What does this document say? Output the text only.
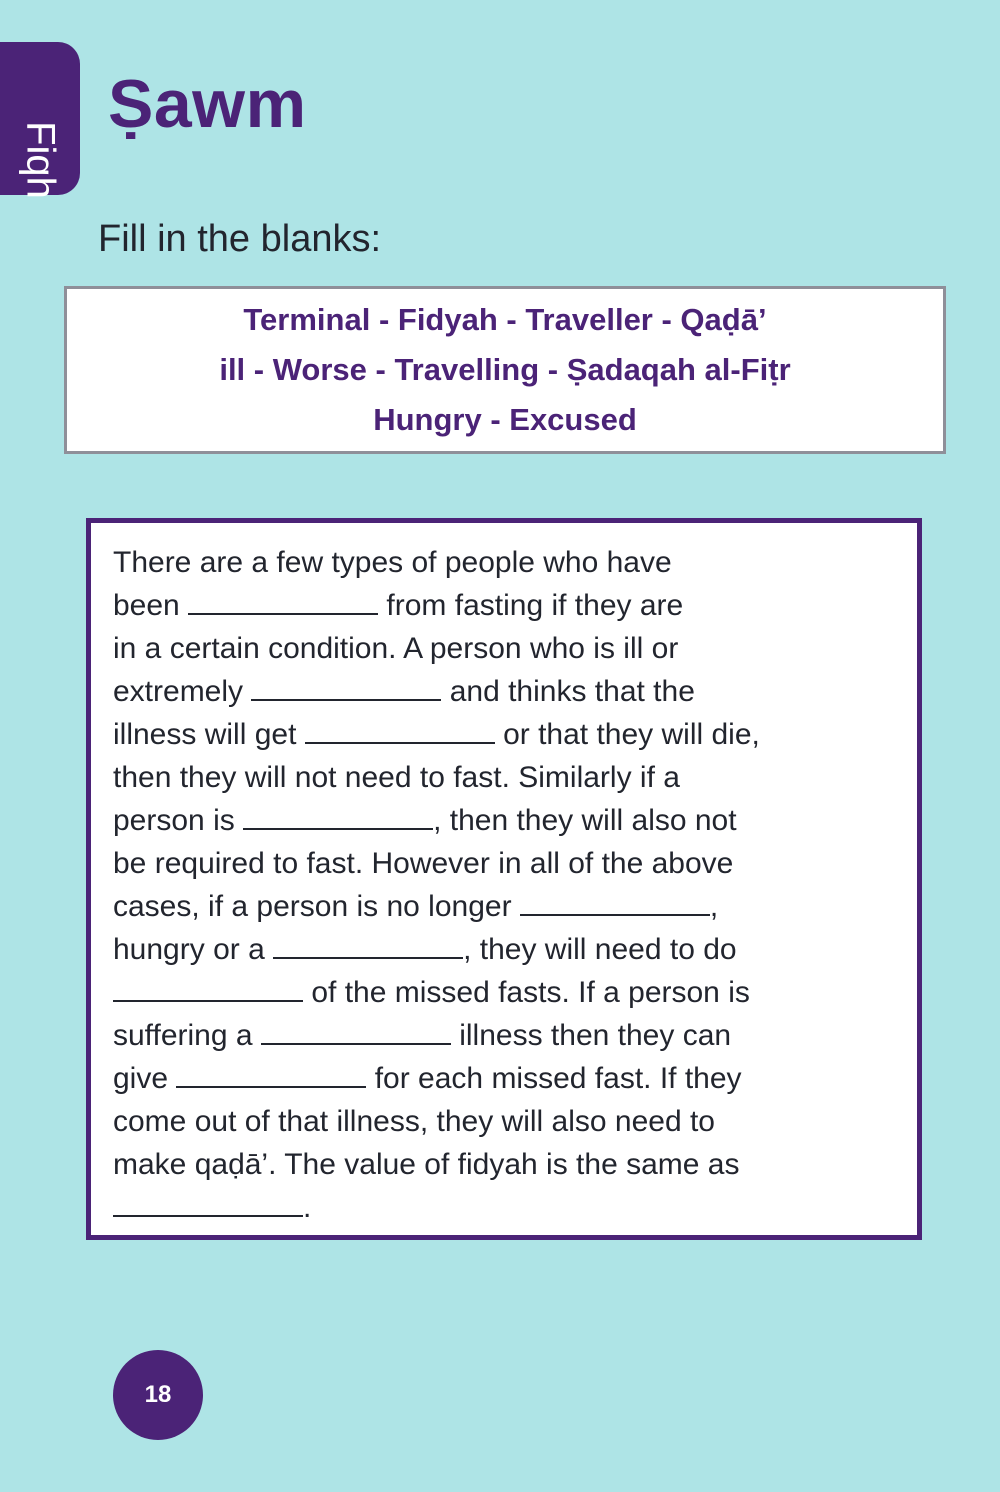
Fiqh
Ṣawm
Fill in the blanks:
Terminal - Fidyah - Traveller - Qaḍā’
ill - Worse - Travelling - Ṣadaqah al-Fiṭr
Hungry - Excused
There are a few types of people who have
been	from fasting if they are
in a certain condition. A person who is ill or
extremely	and thinks that the
illness will get	or that they will die,
then they will not need to fast. Similarly if a
person is	, then they will also not
be required to fast. However in all of the above
cases, if a person is no longer	,
hungry or a	, they will need to do
of the missed fasts. If a person is
suffering a	illness then they can
give	for each missed fast. If they
come out of that illness, they will also need to
make qaḍā’. The value of fidyah is the same as
.
18
